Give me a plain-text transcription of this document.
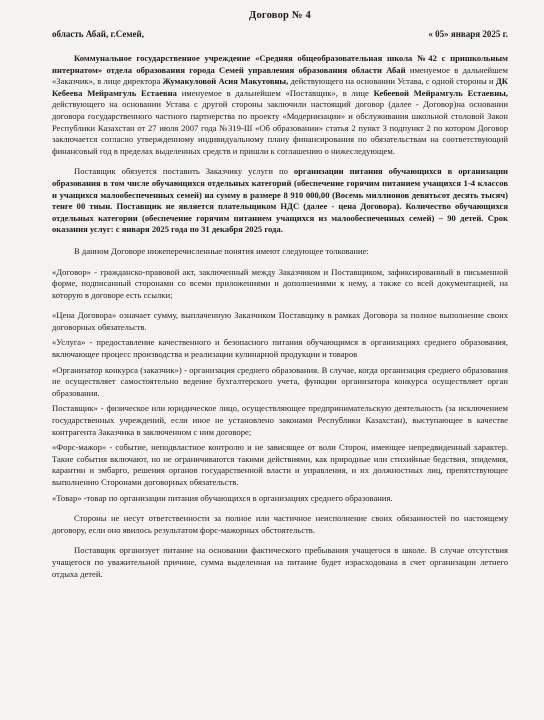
Договор № 4
область Абай, г.Семей,	« 05» января 2025 г.

Коммунальное государственное учреждение «Средняя общеобразовательная школа №42 с пришкольным интернатом» отдела образования города Семей управления образования области Абай именуемое в дальнейшем «Заказчик», в лице директора Жумакуловой Асия Макутовны, действующего на основании Устава, с одной стороны и ДК Кебеева Мейрамгуль Естаевна именуемое в дальнейшем «Поставщик», в лице Кебеевой Мейрамгуль Естаевны, действующего на основании Устава с другой стороны заключили настоящий договор (далее - Договор)на основании договора государственного частного партнерства по проекту «Модернизации» и обслуживания школьной столовой Закон Республики Казахстан от 27 июля 2007 года №319-III «Об образовании» статья 2 пункт 3 подпункт 2 по котором Договор заключается согласно утвержденному индивидуальному плану финансирования по обязательствам на соответствующий финансовый год в пределах выделенных средств и пришли к соглашению о нижеследующем.

Поставщик обязуется поставить Заказчику услуги по организации питания обучающихся в организации образования в том числе обучающихся отдельных категорий (обеспечение горячим питанием учащихся 1-4 классов и учащихся малообеспеченных семей) на сумму в размере 8 910 000,00 (Восемь миллионов девятьсот десять тысяч) тенге 00 тиын. Поставщик не является плательщиком НДС (далее - цена Договора). Количество обучающихся отдельных категории (обеспечение горячим питанием учащихся из малообеспеченных семей) – 90 детей. Срок оказания услуг: с января 2025 года по 31 декабря 2025 года.

В данном Договоре нижеперечисленные понятия имеют следующее толкование:

«Договор» - гражданско-правовой акт, заключенный между Заказчиком и Поставщиком, зафиксированный в письменной форме, подписанный сторонами со всеми приложениями и дополнениями к нему, а также со всей документацией, на которую в договоре есть ссылки;

«Цена Договора» означает сумму, выплаченную Заказчиком Поставщику в рамках Договора за полное выполнение своих договорных обязательств.

«Услуга» - предоставление качественного и безопасного питания обучающимся в организациях среднего образования, включающее процесс производства и реализации кулинарной продукции и товаров

«Организатор конкурса (заказчик») - организация среднего образования. В случае, когда организация среднего образования не осуществляет самостоятельно ведение бухгалтерского учета, функции организатора конкурса осуществляет орган образования.

Поставщик» - физическое или юридическое лицо, осуществляющее предпринимательскую деятельность (за исключением государственных учреждений, если иное не установлено законами Республики Казахстан), выступающее в качестве контрагента Заказчика в заключенном с ним договоре;

«Форс-мажор» - событие, неподвластное контролю и не зависящее от воли Сторон, имеющее непредвиденный характер. Такие события включают, но не ограничиваются такими действиями, как природные или стихийные бедствия, эпидемия, карантин и эмбарго, решения органов государственной власти и управления, и их должностных лиц, препятствующее выполнению Сторонами договорных обязательств.

«Товар» -товар по организации питания обучающихся в организациях среднего образования.

Стороны не несут ответственности за полное или частичное неисполнение своих обязанностей по настоящему договору, если оно явилось результатом форс-мажорных обстоятельств.

Поставщик организует питание на основании фактического пребывания учащегося в школе. В случае отсутствия учащегося по уважительной причине, сумма выделенная на питание будет израсходована в счет организации летнего отдыха детей.
